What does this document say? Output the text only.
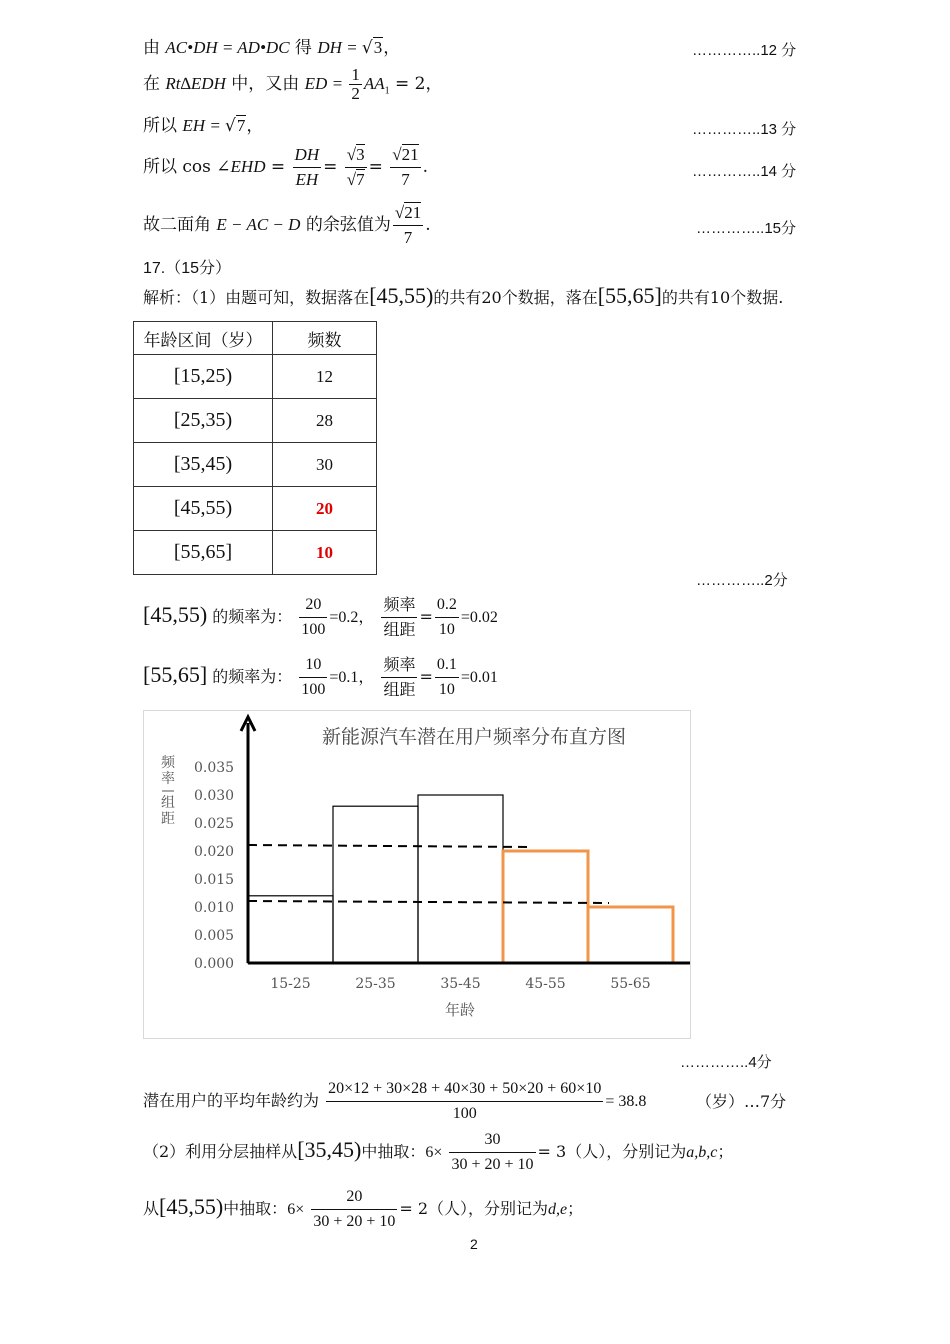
由 AC•DH = AD•DC 得 DH = √3，	…………..12 分
在 Rt∆EDH 中，又由 ED = $\frac{1}{2} AA_1 = 2$，
所以 EH = √7，	…………..13 分
所以 cos ∠EHD = $\frac{DH}{EH} = \frac{√3}{√7} = \frac{√21}{7}$ .	…………..14 分
故二面角 E − AC − D 的余弦值为 $\frac{√21}{7}$ .	…………..15分
17.（15分）
解析：（1）由题可知，数据落在[45,55)的共有20个数据，落在[55,65]的共有10个数据.
年龄区间（岁）	频数
[15,25)	12
[25,35)	28
[35,45)	30
[45,55)	20
[55,65]	10
…………..2分
[45,55) 的频率为： $\frac{20}{100} =0.2$， $\frac{\text{频率}}{\text{组距}} = \frac{0.2}{10} =0.02$
[55,65] 的频率为： $\frac{10}{100} =0.1$， $\frac{\text{频率}}{\text{组距}} = \frac{0.1}{10} =0.01$
新能源汽车潜在用户频率分布直方图
频
率
组
距
0.000
0.005
0.010
0.015
0.020
0.025
0.030
0.035
15-25	25-35	35-45	45-55	55-65
年龄
…………..4分
潜在用户的平均年龄约为 $\frac{20\times 12 + 30\times 28 + 40\times 30 + 50\times 20 + 60\times 10}{100} = 38.8$	（岁）…7分
（2）利用分层抽样从[35,45)中抽取：$6\times \frac{30}{30 + 20 + 10} = 3$（人），分别记为a,b,c；
从[45,55)中抽取：$6\times \frac{20}{30 + 20 + 10} = 2$（人），分别记为d,e；
2
